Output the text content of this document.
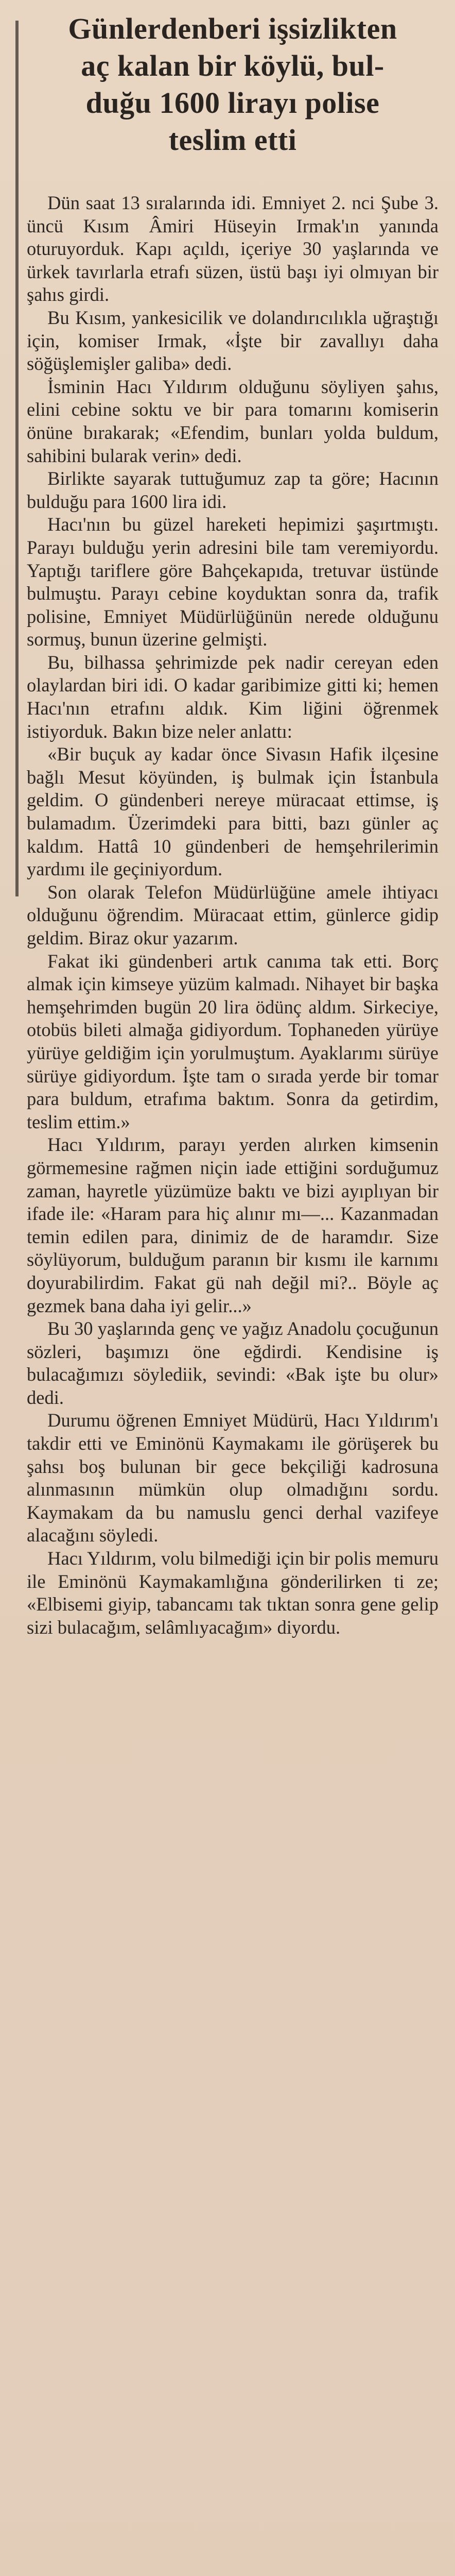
Günlerdenberi işsizlikten
aç kalan bir köylü, bul-
duğu 1600 lirayı polise
teslim etti

Dün saat 13 sıralarında idi. Emniyet 2. nci Şube 3. üncü Kısım Âmiri Hüseyin Irmak'ın yanında oturuyorduk. Kapı açıldı, içeriye 30 yaşlarında ve ürkek tavırlarla etrafı süzen, üstü başı iyi olmıyan bir şahıs girdi.

Bu Kısım, yankesicilik ve dolandırıcılıkla uğraştığı için, komiser Irmak, «İşte bir zavallıyı daha söğüşlemişler galiba» dedi.

İsminin Hacı Yıldırım olduğunu söyliyen şahıs, elini cebine soktu ve bir para tomarını komiserin önüne bırakarak; «Efendim, bunları yolda buldum, sahibini bularak verin» dedi.

Birlikte sayarak tuttuğumuz zap ta göre; Hacının bulduğu para 1600 lira idi.

Hacı'nın bu güzel hareketi hepimizi şaşırtmıştı. Parayı bulduğu yerin adresini bile tam veremiyordu. Yaptığı tariflere göre Bahçekapıda, tretuvar üstünde bulmuştu. Parayı cebine koyduktan sonra da, trafik polisine, Emniyet Müdürlüğünün nerede olduğunu sormuş, bunun üzerine gelmişti.

Bu, bilhassa şehrimizde pek nadir cereyan eden olaylardan biri idi. O kadar garibimize gitti ki; hemen Hacı'nın etrafını aldık. Kim liğini öğrenmek istiyorduk. Bakın bize neler anlattı:

«Bir buçuk ay kadar önce Sivasın Hafik ilçesine bağlı Mesut köyünden, iş bulmak için İstanbula geldim. O gündenberi nereye müracaat ettimse, iş bulamadım. Üzerimdeki para bitti, bazı günler aç kaldım. Hattâ 10 gündenberi de hemşehrilerimin yardımı ile geçiniyordum.

Son olarak Telefon Müdürlüğüne amele ihtiyacı olduğunu öğrendim. Müracaat ettim, günlerce gidip geldim. Biraz okur yazarım.

Fakat iki gündenberi artık canıma tak etti. Borç almak için kimseye yüzüm kalmadı. Nihayet bir başka hemşehrimden bugün 20 lira ödünç aldım. Sirkeciye, otobüs bileti almağa gidiyordum. Tophaneden yürüye yürüye geldiğim için yorulmuştum. Ayaklarımı sürüye sürüye gidiyordum. İşte tam o sırada yerde bir tomar para buldum, etrafıma baktım. Sonra da getirdim, teslim ettim.»

Hacı Yıldırım, parayı yerden alırken kimsenin görmemesine rağmen niçin iade ettiğini sorduğumuz zaman, hayretle yüzümüze baktı ve bizi ayıplıyan bir ifade ile: «Haram para hiç alınır mı—... Kazanmadan temin edilen para, dinimiz de de haramdır. Size söylüyorum, bulduğum paranın bir kısmı ile karnımı doyurabilirdim. Fakat gü nah değil mi?.. Böyle aç gezmek bana daha iyi gelir...»

Bu 30 yaşlarında genç ve yağız Anadolu çocuğunun sözleri, başımızı öne eğdirdi. Kendisine iş bulacağımızı söylediik, sevindi: «Bak işte bu olur» dedi.

Durumu öğrenen Emniyet Müdürü, Hacı Yıldırım'ı takdir etti ve Eminönü Kaymakamı ile görüşerek bu şahsı boş bulunan bir gece bekçiliği kadrosuna alınmasının mümkün olup olmadığını sordu. Kaymakam da bu namuslu genci derhal vazifeye alacağını söyledi.

Hacı Yıldırım, volu bilmediği için bir polis memuru ile Eminönü Kaymakamlığına gönderilirken ti ze; «Elbisemi giyip, tabancamı tak tıktan sonra gene gelip sizi bulacağım, selâmlıyacağım» diyordu.
